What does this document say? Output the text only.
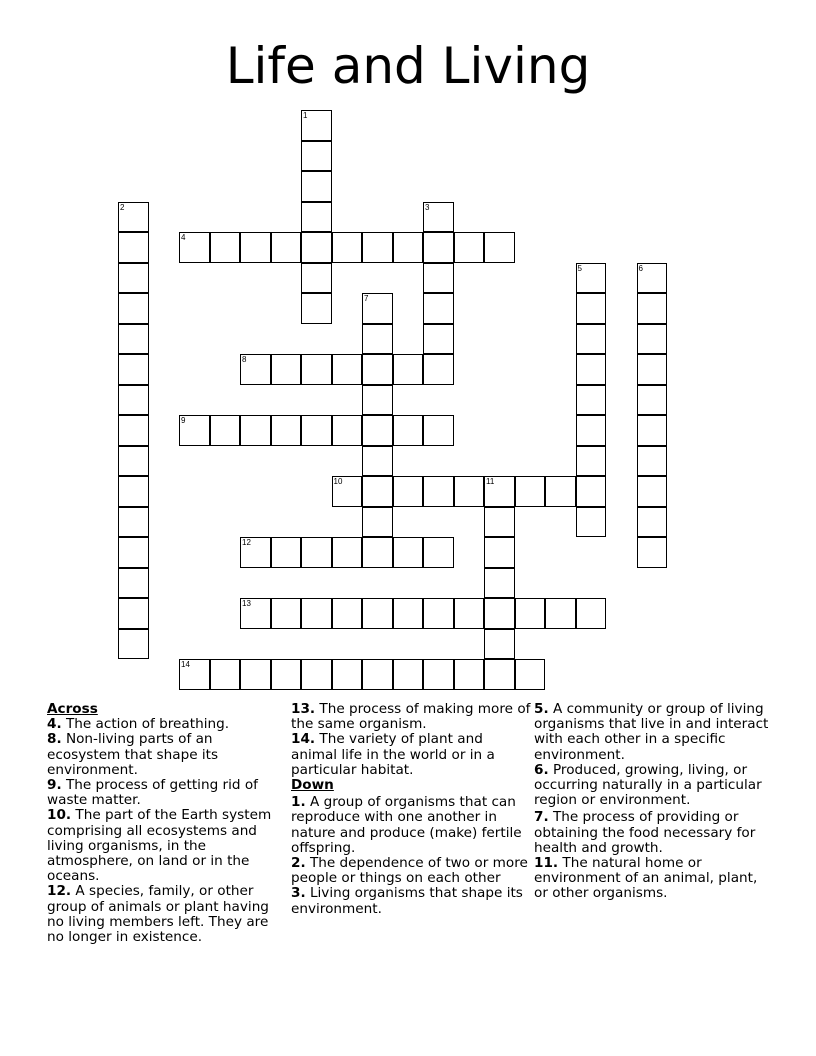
Life and Living
1
2	3
4
5	6
7
8
9
10	11
12
13
14
Across
4. The action of breathing.
8. Non-living parts of an ecosystem that shape its environment.
9. The process of getting rid of waste matter.
10. The part of the Earth system comprising all ecosystems and living organisms, in the atmosphere, on land or in the oceans.
12. A species, family, or other group of animals or plant having no living members left. They are no longer in existence.
13. The process of making more of the same organism.
14. The variety of plant and animal life in the world or in a particular habitat.
Down
1. A group of organisms that can reproduce with one another in nature and produce (make) fertile offspring.
2. The dependence of two or more people or things on each other
3. Living organisms that shape its environment.
5. A community or group of living organisms that live in and interact with each other in a specific environment.
6. Produced, growing, living, or occurring naturally in a particular region or environment.
7. The process of providing or obtaining the food necessary for health and growth.
11. The natural home or environment of an animal, plant, or other organisms.
